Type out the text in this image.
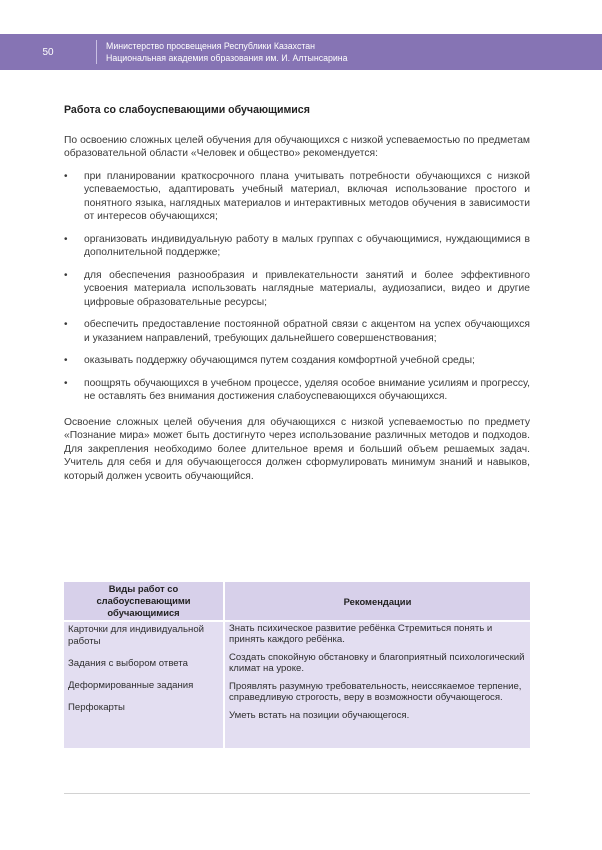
50
Министерство просвещения Республики Казахстан
Национальная академия образования им. И. Алтынсарина
Работа со слабоуспевающими обучающимися

По освоению сложных целей обучения для обучающихся с низкой успеваемостью по предметам образовательной области «Человек и общество» рекомендуется:

• при планировании краткосрочного плана учитывать потребности обучающихся с низкой успеваемостью, адаптировать учебный материал, включая использование простого и понятного языка, наглядных материалов и интерактивных методов обучения в зависимости от интересов обучающихся;
• организовать индивидуальную работу в малых группах с обучающимися, нуждающимися в дополнительной поддержке;
• для обеспечения разнообразия и привлекательности занятий и более эффективного усвоения материала использовать наглядные материалы, аудиозаписи, видео и другие цифровые образовательные ресурсы;
• обеспечить предоставление постоянной обратной связи с акцентом на успех обучающихся и указанием направлений, требующих дальнейшего совершенствования;
• оказывать поддержку обучающимся путем создания комфортной учебной среды;
• поощрять обучающихся в учебном процессе, уделяя особое внимание усилиям и прогрессу, не оставлять без внимания достижения слабоуспевающихся обучающихся.

Освоение сложных целей обучения для обучающихся с низкой успеваемостью по предмету «Познание мира» может быть достигнуто через использование различных методов и подходов. Для закрепления необходимо более длительное время и больший объем решаемых задач. Учитель для себя и для обучающегосся должен сформулировать минимум знаний и навыков, который должен усвоить обучающийся.

Виды работ со слабоуспевающими обучающимися
Рекомендации
Карточки для индивидуальной работы
Задания с выбором ответа
Деформированные задания
Перфокарты
Знать психическое развитие ребёнка Стремиться понять и принять каждого ребёнка.
Создать спокойную обстановку и благоприятный психологический климат на уроке.
Проявлять разумную требовательность, неиссякаемое терпение, справедливую строгость, веру в возможности обучающегося.
Уметь встать на позиции обучающегося.
